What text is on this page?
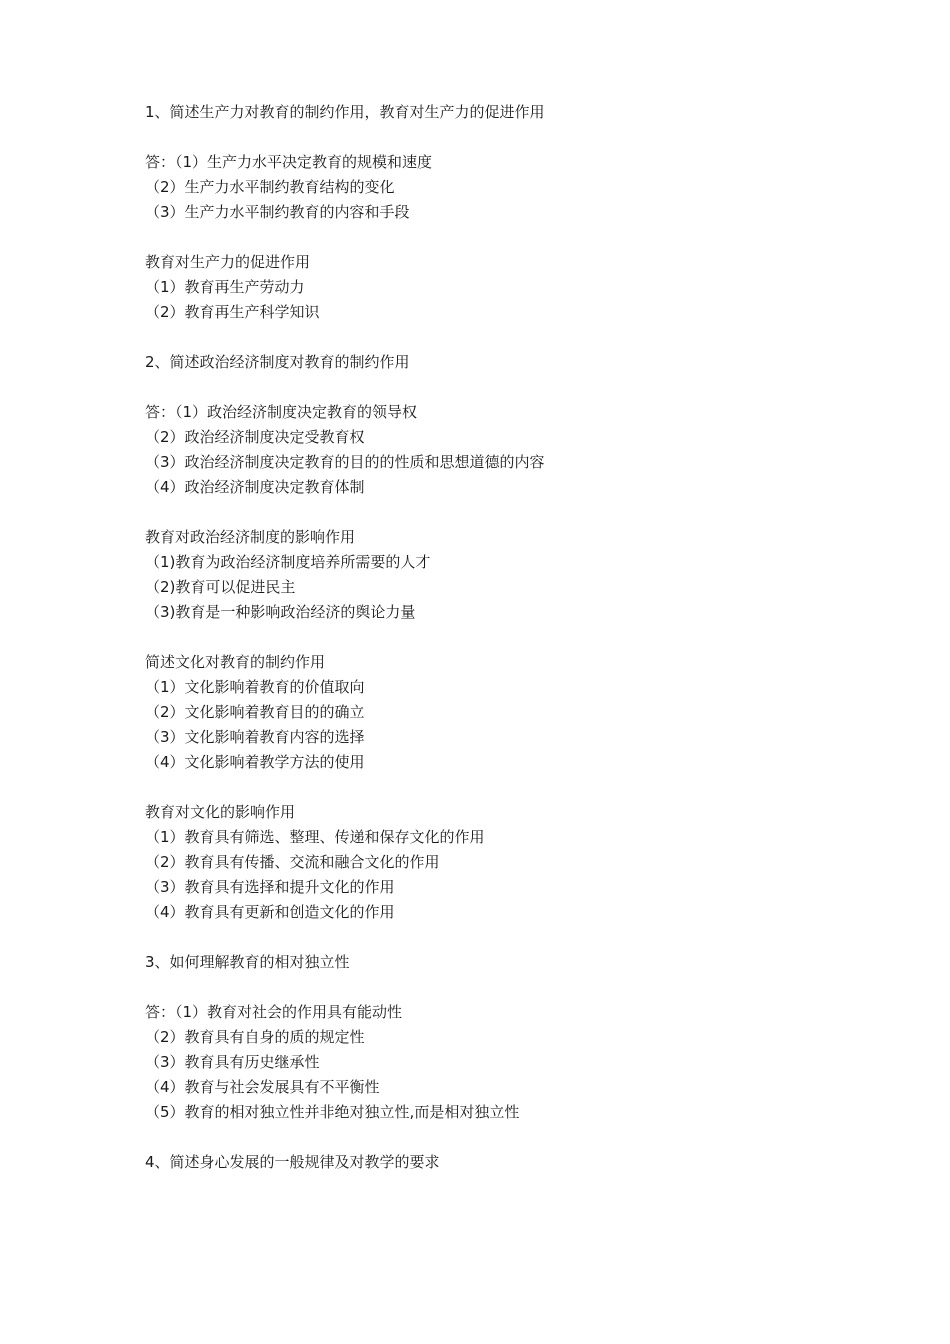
1、简述生产力对教育的制约作用，教育对生产力的促进作用
答：（1）生产力水平决定教育的规模和速度
（2）生产力水平制约教育结构的变化
（3）生产力水平制约教育的内容和手段
教育对生产力的促进作用
（1）教育再生产劳动力
（2）教育再生产科学知识
2、简述政治经济制度对教育的制约作用
答：（1）政治经济制度决定教育的领导权
（2）政治经济制度决定受教育权
（3）政治经济制度决定教育的目的的性质和思想道德的内容
（4）政治经济制度决定教育体制
教育对政治经济制度的影响作用
（1)教育为政治经济制度培养所需要的人才
（2)教育可以促进民主
（3)教育是一种影响政治经济的舆论力量
简述文化对教育的制约作用
（1）文化影响着教育的价值取向
（2）文化影响着教育目的的确立
（3）文化影响着教育内容的选择
（4）文化影响着教学方法的使用
教育对文化的影响作用
（1）教育具有筛选、整理、传递和保存文化的作用
（2）教育具有传播、交流和融合文化的作用
（3）教育具有选择和提升文化的作用
（4）教育具有更新和创造文化的作用
3、如何理解教育的相对独立性
答：（1）教育对社会的作用具有能动性
（2）教育具有自身的质的规定性
（3）教育具有历史继承性
（4）教育与社会发展具有不平衡性
（5）教育的相对独立性并非绝对独立性,而是相对独立性
4、简述身心发展的一般规律及对教学的要求
